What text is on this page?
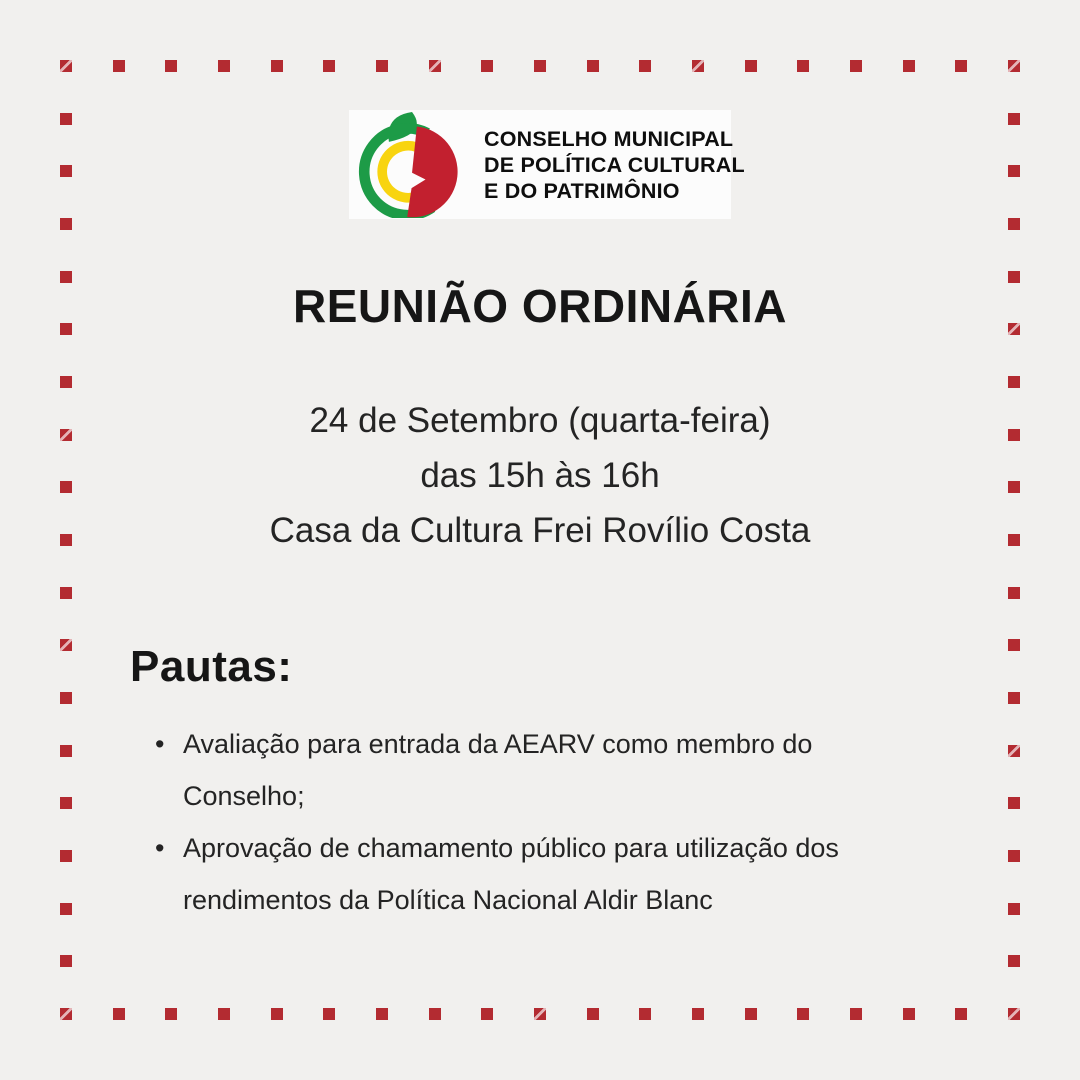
CONSELHO MUNICIPAL
DE POLÍTICA CULTURAL
E DO PATRIMÔNIO
REUNIÃO ORDINÁRIA
24 de Setembro (quarta-feira)
das 15h às 16h
Casa da Cultura Frei Rovílio Costa
Pautas:
• Avaliação para entrada da AEARV como membro do Conselho;
• Aprovação de chamamento público para utilização dos rendimentos da Política Nacional Aldir Blanc
